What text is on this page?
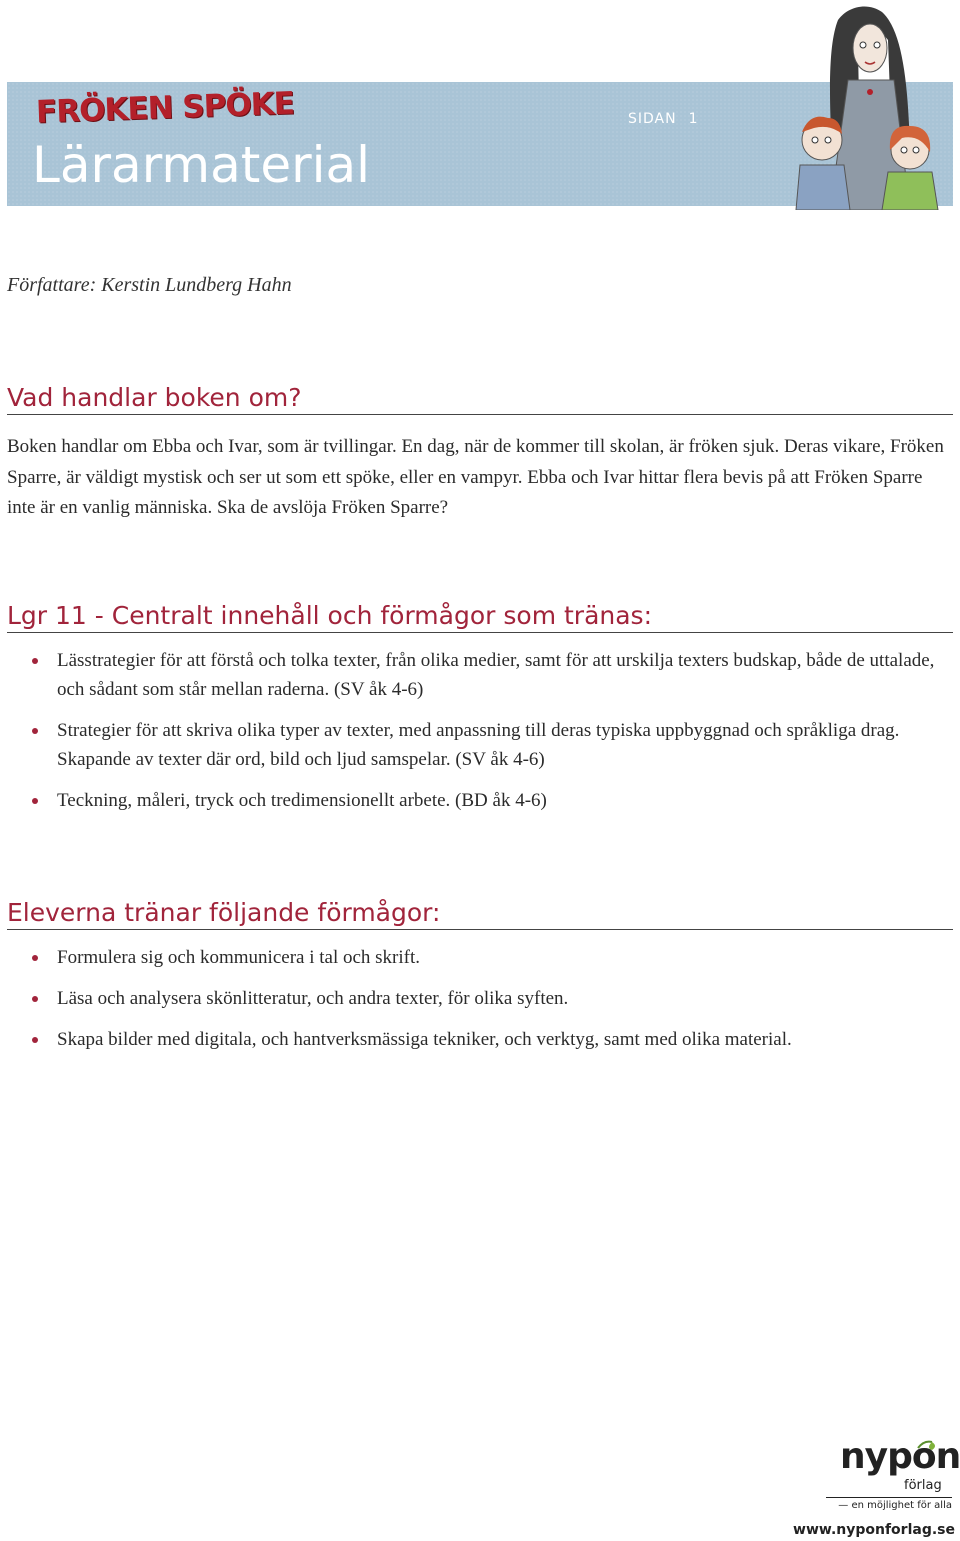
FRÖKEN SPÖKE	SIDAN 1
Lärarmaterial
Författare: Kerstin Lundberg Hahn
Vad handlar boken om?

Boken handlar om Ebba och Ivar, som är tvillingar. En dag, när de kommer till skolan, är fröken sjuk. Deras vikare, Fröken Sparre, är väldigt mystisk och ser ut som ett spöke, eller en vampyr. Ebba och Ivar hittar flera bevis på att Fröken Sparre inte är en vanlig människa. Ska de avslöja Fröken Sparre?

Lgr 11 - Centralt innehåll och förmågor som tränas:
Lässtrategier för att förstå och tolka texter, från olika medier, samt för att urskilja texters budskap, både de uttalade, och sådant som står mellan raderna. (SV åk 4-6)
Strategier för att skriva olika typer av texter, med anpassning till deras typiska uppbyggnad och språkliga drag. Skapande av texter där ord, bild och ljud samspelar. (SV åk 4-6)
Teckning, måleri, tryck och tredimensionellt arbete. (BD åk 4-6)
Eleverna tränar följande förmågor:
Formulera sig och kommunicera i tal och skrift.
Läsa och analysera skönlitteratur, och andra texter, för olika syften.
Skapa bilder med digitala, och hantverksmässiga tekniker, och verktyg, samt med olika material.
nypon
förlag
— en möjlighet för alla
www.nyponforlag.se
